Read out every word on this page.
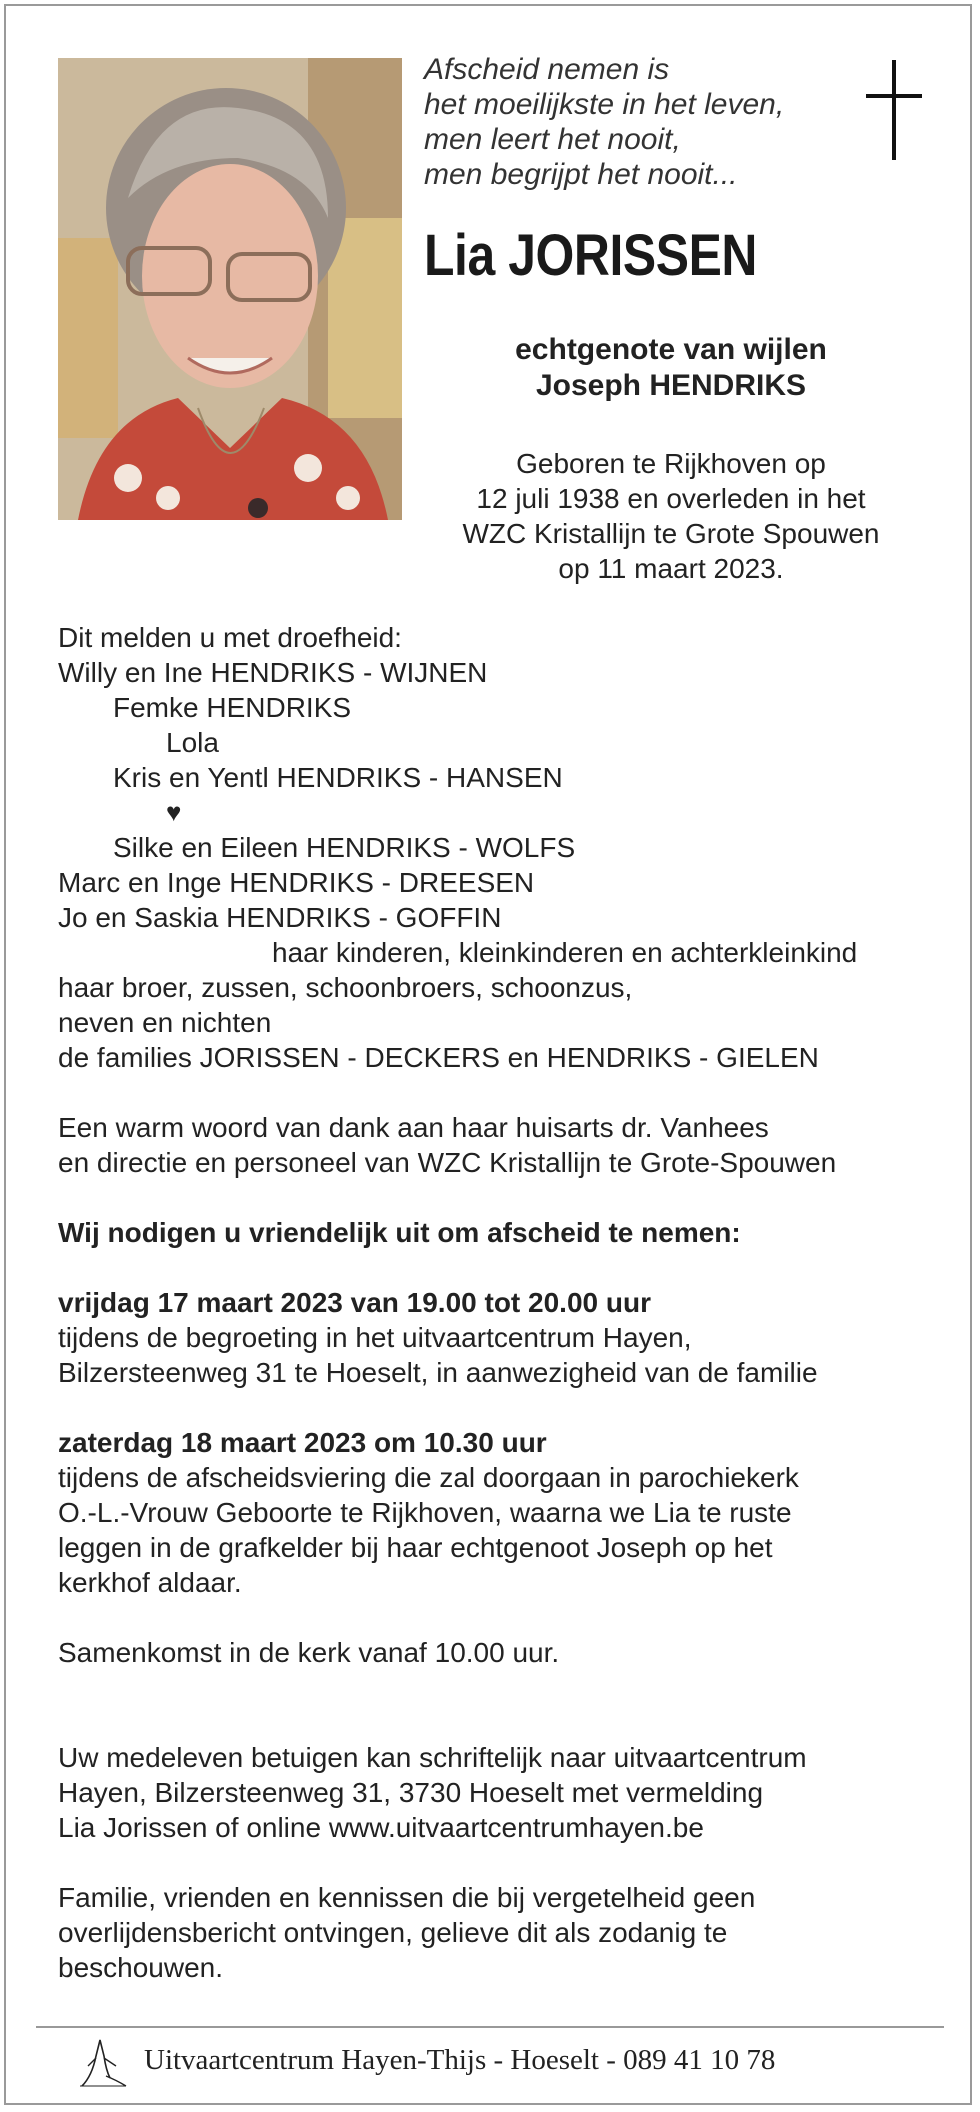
Afscheid nemen is
het moeilijkste in het leven,
men leert het nooit,
men begrijpt het nooit...
Lia JORISSEN
echtgenote van wijlen
Joseph HENDRIKS
Geboren te Rijkhoven op
12 juli 1938 en overleden in het
WZC Kristallijn te Grote Spouwen
op 11 maart 2023.
Dit melden u met droefheid:
Willy en Ine HENDRIKS - WIJNEN
Femke HENDRIKS
Lola
Kris en Yentl HENDRIKS - HANSEN
♥
Silke en Eileen HENDRIKS - WOLFS
Marc en Inge HENDRIKS - DREESEN
Jo en Saskia HENDRIKS - GOFFIN
haar kinderen, kleinkinderen en achterkleinkind
haar broer, zussen, schoonbroers, schoonzus,
neven en nichten
de families JORISSEN - DECKERS en HENDRIKS - GIELEN
Een warm woord van dank aan haar huisarts dr. Vanhees
en directie en personeel van WZC Kristallijn te Grote-Spouwen
Wij nodigen u vriendelijk uit om afscheid te nemen:
vrijdag 17 maart 2023 van 19.00 tot 20.00 uur
tijdens de begroeting in het uitvaartcentrum Hayen,
Bilzersteenweg 31 te Hoeselt, in aanwezigheid van de familie
zaterdag 18 maart 2023 om 10.30 uur
tijdens de afscheidsviering die zal doorgaan in parochiekerk
O.-L.-Vrouw Geboorte te Rijkhoven, waarna we Lia te ruste
leggen in de grafkelder bij haar echtgenoot Joseph op het
kerkhof aldaar.
Samenkomst in de kerk vanaf 10.00 uur.
Uw medeleven betuigen kan schriftelijk naar uitvaartcentrum
Hayen, Bilzersteenweg 31, 3730 Hoeselt met vermelding
Lia Jorissen of online www.uitvaartcentrumhayen.be
Familie, vrienden en kennissen die bij vergetelheid geen
overlijdensbericht ontvingen, gelieve dit als zodanig te
beschouwen.
Uitvaartcentrum Hayen-Thijs - Hoeselt - 089 41 10 78
